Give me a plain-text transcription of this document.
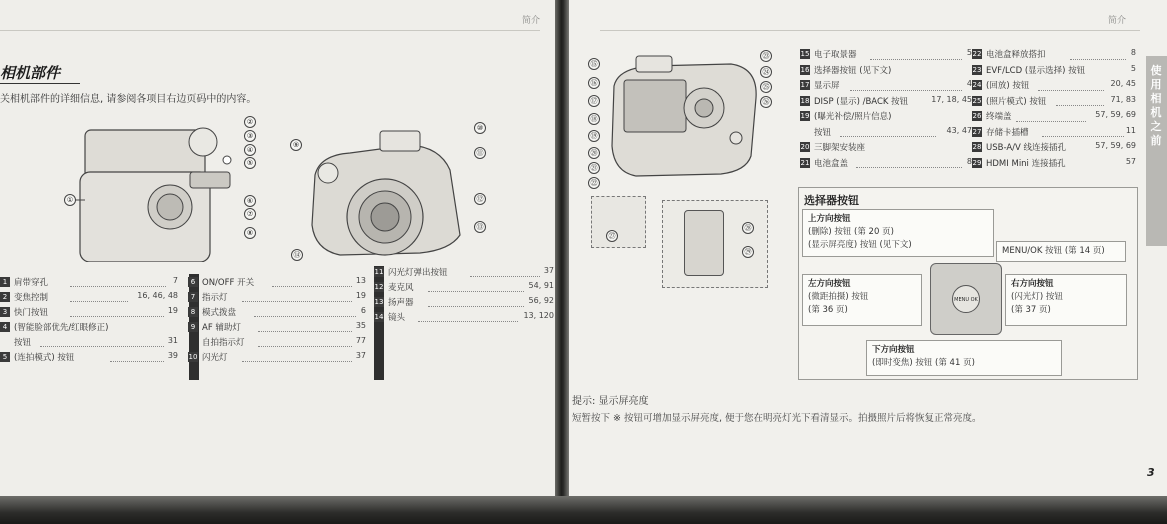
简介
相机部件
关相机部件的详细信息, 请参阅各项目右边页码中的内容。
①
②
③
④
⑤
⑥
⑦
⑧
⑨
⑩
⑪
⑫
⑬
⑭
1 肩带穿孔	7
2 变焦控制	16, 46, 48
3 快门按钮	19
4 (智能脸部优先/红眼修正)
按钮	31
5 (连拍模式) 按钮	39
6 ON/OFF 开关	13
7 指示灯	19
8 模式拨盘	6
9 AF 辅助灯	35
自拍指示灯	77
10 闪光灯	37
11 闪光灯弹出按钮	37
12 麦克风	54, 91
13 扬声器	56, 92
14 镜头	13, 120
简介
使用相机之前
⑮
⑯
⑰
⑱
⑲
⑳
㉑
㉒
㉓
㉔
㉕
㉖
㉗
㉘
㉙
15 电子取景器	5
16 选择器按钮 (见下文)
17 显示屏	4
18 DISP (显示) /BACK 按钮	17, 18, 45
19 (曝光补偿/照片信息)
按钮	43, 47
20 三脚架安装座
21 电池盒盖	8
22 电池盒释放搭扣	8
23 EVF/LCD (显示选择) 按钮	5
24 (回放) 按钮	20, 45
25 (照片模式) 按钮	71, 83
26 终端盖	57, 59, 69
27 存储卡插槽	11
28 USB-A/V 线连接插孔	57, 59, 69
29 HDMI Mini 连接插孔	57
选择器按钮
上方向按钮
(删除) 按钮 (第 20 页)
(显示屏亮度) 按钮 (见下文)
MENU/OK 按钮 (第 14 页)
左方向按钮
(微距拍摄) 按钮
(第 36 页)
右方向按钮
(闪光灯) 按钮
(第 37 页)
下方向按钮
(即时变焦) 按钮 (第 41 页)
MENU OK
提示: 显示屏亮度
短暂按下 ※ 按钮可增加显示屏亮度, 便于您在明亮灯光下看清显示。拍摄照片后将恢复正常亮度。
3
